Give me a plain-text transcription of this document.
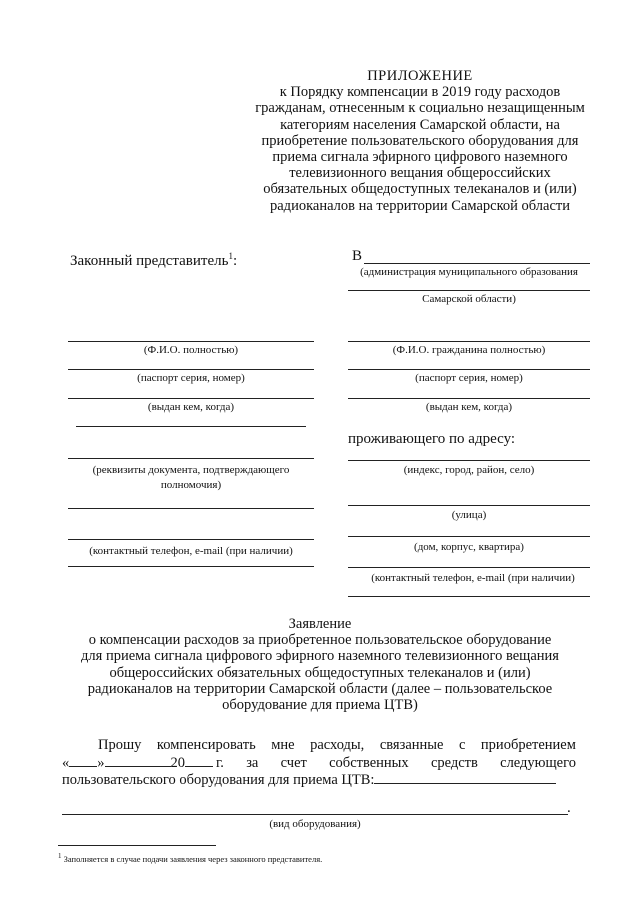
ПРИЛОЖЕНИЕ
к Порядку компенсации в 2019 году расходов
гражданам, отнесенным к социально незащищенным
категориям населения Самарской области, на
приобретение пользовательского оборудования для
приема сигнала эфирного цифрового наземного
телевизионного вещания общероссийских
обязательных общедоступных телеканалов и (или)
радиоканалов на территории Самарской области
Законный представитель$^1$:
(Ф.И.О. полностью)
(паспорт серия, номер)
(выдан кем, когда)
(реквизиты документа, подтверждающего
полномочия)
(контактный телефон, e-mail (при наличии)
В
(администрация муниципального образования
Самарской области)
(Ф.И.О. гражданина полностью)
(паспорт серия, номер)
(выдан кем, когда)
проживающего по адресу:
(индекс, город, район, село)
(улица)
(дом, корпус, квартира)
(контактный телефон, e-mail (при наличии)
Заявление
о компенсации расходов за приобретенное пользовательское оборудование
для приема сигнала цифрового эфирного наземного телевизионного вещания
общероссийских обязательных общедоступных телеканалов и (или)
радиоканалов на территории Самарской области (далее – пользовательское
оборудование для приема ЦТВ)
Прошу компенсировать мне расходы, связанные с приобретением
« »	20 г. за счет собственных средств следующего
пользовательского оборудования для приема ЦТВ:
.
(вид оборудования)
$^1$ Заполняется в случае подачи заявления через законного представителя.
